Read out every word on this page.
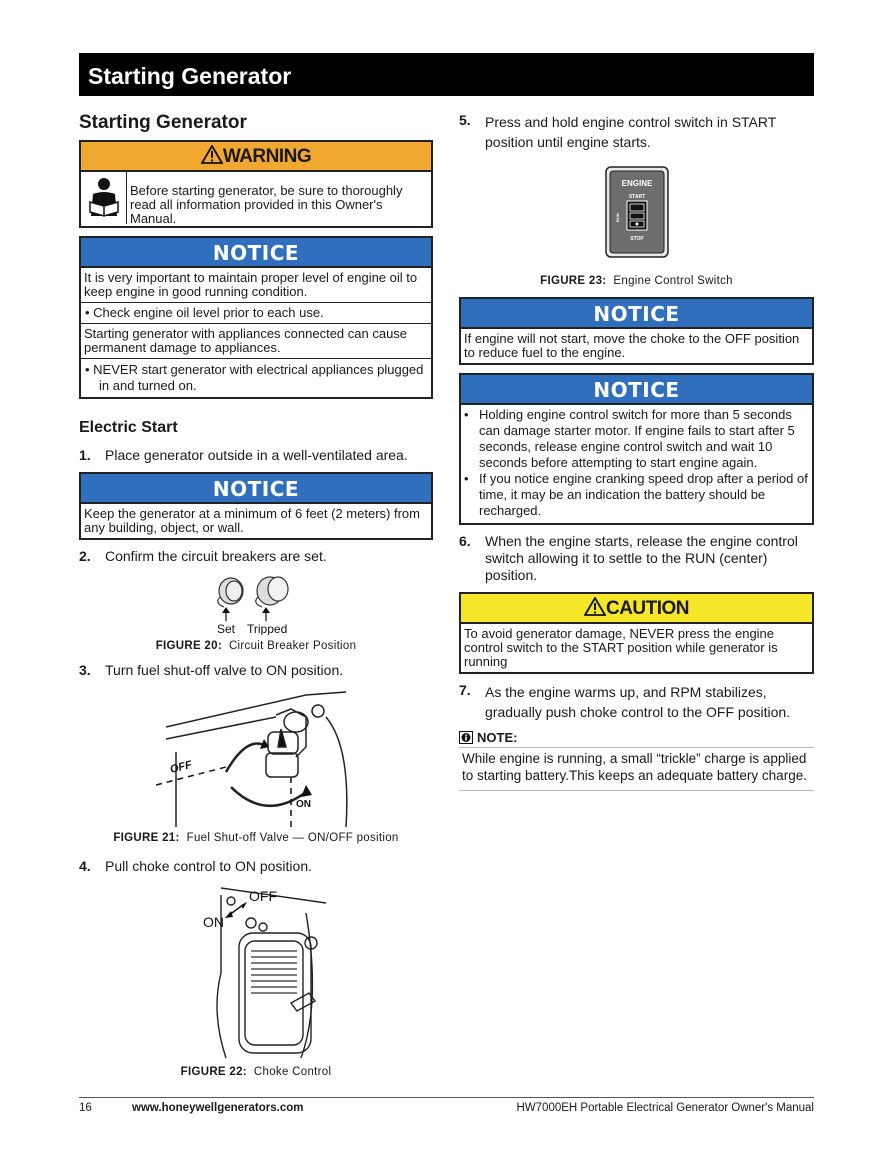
Starting Generator
Starting Generator
WARNING
Before starting generator, be sure to thoroughly read all information provided in this Owner's Manual.
NOTICE
It is very important to maintain proper level of engine oil to keep engine in good running condition.
• Check engine oil level prior to each use.
Starting generator with appliances connected can cause permanent damage to appliances.
• NEVER start generator with electrical appliances plugged in and turned on.
Electric Start
1.	Place generator outside in a well-ventilated area.
NOTICE
Keep the generator at a minimum of 6 feet (2 meters) from any building, object, or wall.
2.	Confirm the circuit breakers are set.
Set Tripped
FIGURE 20: Circuit Breaker Position
3.	Turn fuel shut-off valve to ON position.
OFF
ON
FIGURE 21: Fuel Shut-off Valve — ON/OFF position
4.	Pull choke control to ON position.
OFF
ON
FIGURE 22: Choke Control
5.	Press and hold engine control switch in START position until engine starts.
ENGINE
START
RUN
STOP
FIGURE 23: Engine Control Switch
NOTICE
If engine will not start, move the choke to the OFF position to reduce fuel to the engine.
NOTICE
• Holding engine control switch for more than 5 seconds can damage starter motor. If engine fails to start after 5 seconds, release engine control switch and wait 10 seconds before attempting to start engine again.
• If you notice engine cranking speed drop after a period of time, it may be an indication the battery should be recharged.
6.	When the engine starts, release the engine control switch allowing it to settle to the RUN (center) position.
CAUTION
To avoid generator damage, NEVER press the engine control switch to the START position while generator is running
7.	As the engine warms up, and RPM stabilizes, gradually push choke control to the OFF position.
NOTE:
While engine is running, a small “trickle” charge is applied to starting battery.This keeps an adequate battery charge.
16	www.honeywellgenerators.com	HW7000EH Portable Electrical Generator Owner's Manual
